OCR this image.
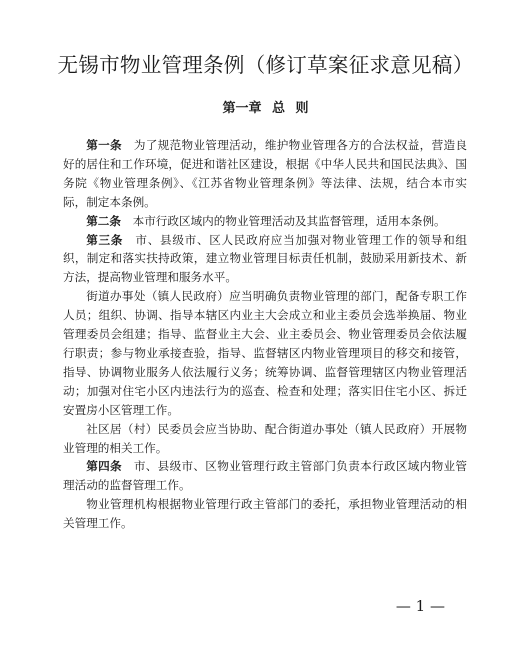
无锡市物业管理条例（修订草案征求意见稿）
第一章 总 则

第一条　 为了规范物业管理活动，维护物业管理各方的合法权益，营造良好的居住和工作环境，促进和谐社区建设，根据《中华人民共和国民法典》、国务院《物业管理条例》、《江苏省物业管理条例》等法律、法规，结合本市实际，制定本条例。

第二条　 本市行政区域内的物业管理活动及其监督管理，适用本条例。

第三条　 市、县级市、区人民政府应当加强对物业管理工作的领导和组织，制定和落实扶持政策，建立物业管理目标责任机制，鼓励采用新技术、新方法，提高物业管理和服务水平。

街道办事处（镇人民政府）应当明确负责物业管理的部门，配备专职工作人员；组织、协调、指导本辖区内业主大会成立和业主委员会选举换届、物业管理委员会组建；指导、监督业主大会、业主委员会、物业管理委员会依法履行职责；参与物业承接查验，指导、监督辖区内物业管理项目的移交和接管，指导、协调物业服务人依法履行义务；统筹协调、监督管理辖区内物业管理活动；加强对住宅小区内违法行为的巡查、检查和处理；落实旧住宅小区、拆迁安置房小区管理工作。

社区居（村）民委员会应当协助、配合街道办事处（镇人民政府）开展物业管理的相关工作。

第四条　 市、县级市、区物业管理行政主管部门负责本行政区域内物业管理活动的监督管理工作。

物业管理机构根据物业管理行政主管部门的委托，承担物业管理活动的相关管理工作。

— 1 —
